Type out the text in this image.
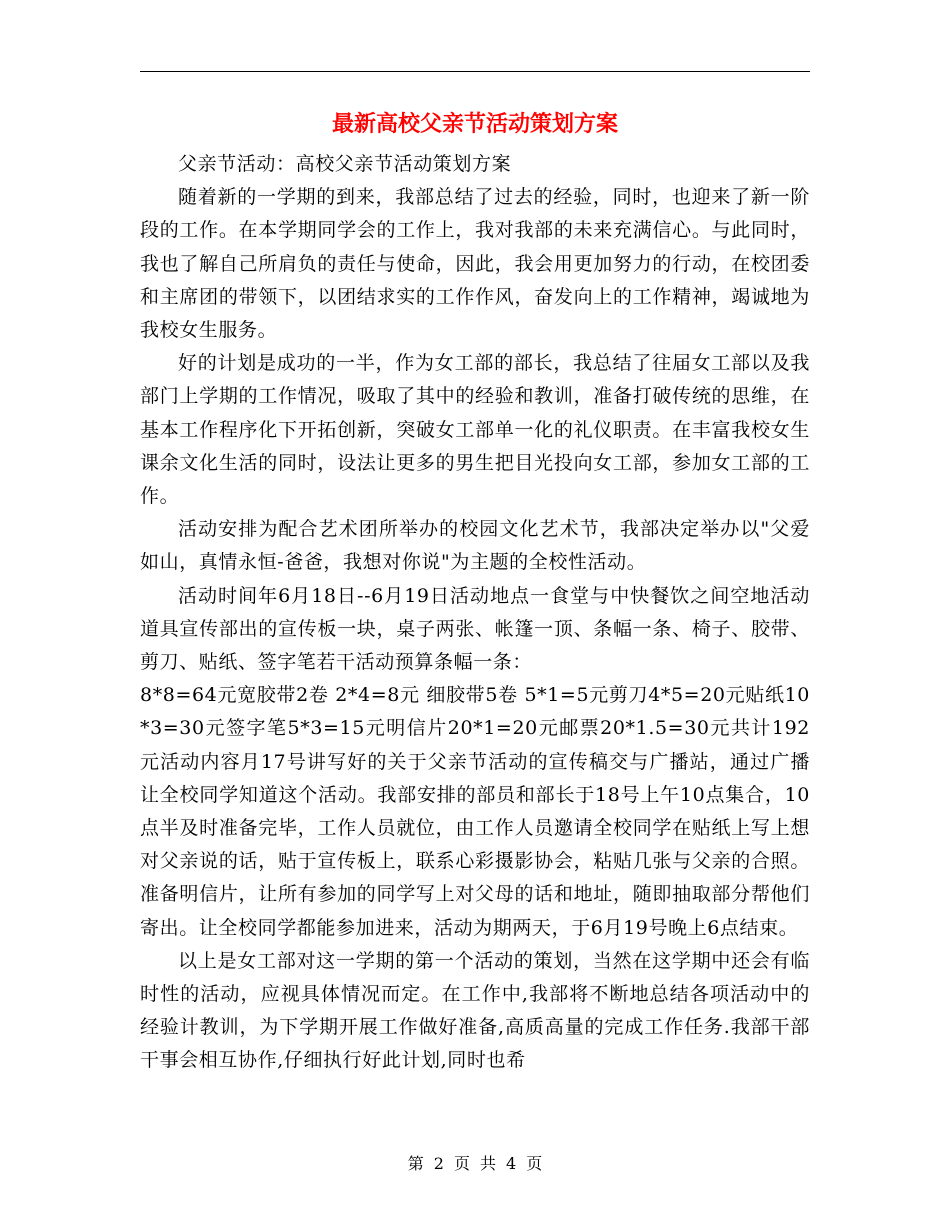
最新高校父亲节活动策划方案

父亲节活动：高校父亲节活动策划方案

随着新的一学期的到来，我部总结了过去的经验，同时，也迎来了新一阶段的工作。在本学期同学会的工作上，我对我部的未来充满信心。与此同时，我也了解自己所肩负的责任与使命，因此，我会用更加努力的行动，在校团委和主席团的带领下，以团结求实的工作作风，奋发向上的工作精神，竭诚地为我校女生服务。

好的计划是成功的一半，作为女工部的部长，我总结了往届女工部以及我部门上学期的工作情况，吸取了其中的经验和教训，准备打破传统的思维，在基本工作程序化下开拓创新，突破女工部单一化的礼仪职责。在丰富我校女生课余文化生活的同时，设法让更多的男生把目光投向女工部，参加女工部的工作。

活动安排为配合艺术团所举办的校园文化艺术节，我部决定举办以"父爱如山，真情永恒-爸爸，我想对你说"为主题的全校性活动。

活动时间年6月18日--6月19日活动地点一食堂与中快餐饮之间空地活动道具宣传部出的宣传板一块，桌子两张、帐篷一顶、条幅一条、椅子、胶带、剪刀、贴纸、签字笔若干活动预算条幅一条：

8*8=64元宽胶带2卷 2*4=8元 细胶带5卷 5*1=5元剪刀4*5=20元贴纸10*3=30元签字笔5*3=15元明信片20*1=20元邮票20*1.5=30元共计192元活动内容月17号讲写好的关于父亲节活动的宣传稿交与广播站，通过广播让全校同学知道这个活动。我部安排的部员和部长于18号上午10点集合，10点半及时准备完毕，工作人员就位，由工作人员邀请全校同学在贴纸上写上想对父亲说的话，贴于宣传板上，联系心彩摄影协会，粘贴几张与父亲的合照。准备明信片，让所有参加的同学写上对父母的话和地址，随即抽取部分帮他们寄出。让全校同学都能参加进来，活动为期两天，于6月19号晚上6点结束。

以上是女工部对这一学期的第一个活动的策划，当然在这学期中还会有临时性的活动，应视具体情况而定。在工作中,我部将不断地总结各项活动中的经验计教训，为下学期开展工作做好准备,高质高量的完成工作任务.我部干部干事会相互协作,仔细执行好此计划,同时也希

第 2 页 共 4 页
